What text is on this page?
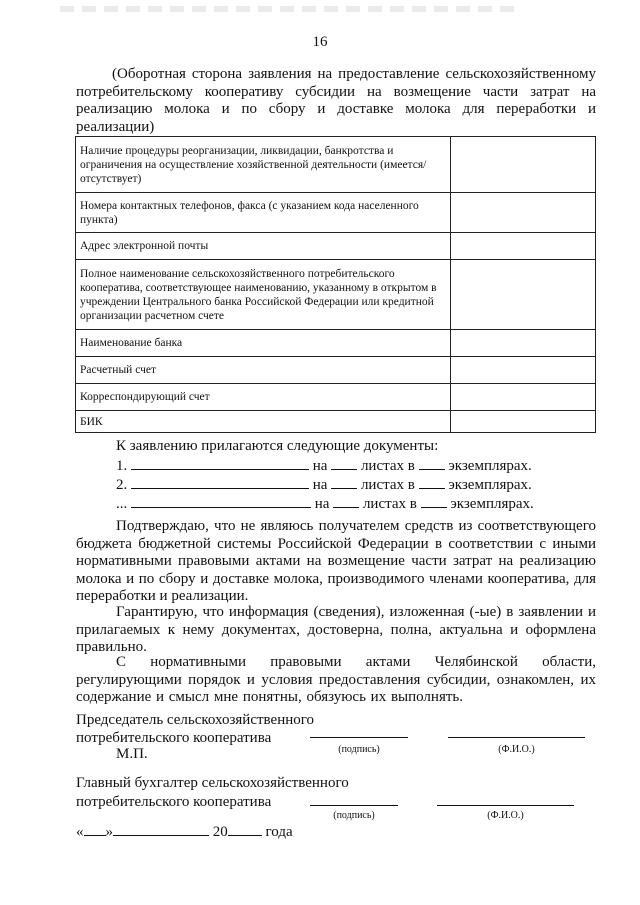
16
(Оборотная сторона заявления на предоставление сельскохозяйственному потребительскому кооперативу субсидии на возмещение части затрат на реализацию молока и по сбору и доставке молока для переработки и реализации)
Наличие процедуры реорганизации, ликвидации, банкротства и ограничения на осуществление хозяйственной деятельности (имеется/отсутствует)	
Номера контактных телефонов, факса (с указанием кода населенного пункта)	
Адрес электронной почты	
Полное наименование сельскохозяйственного потребительского кооператива, соответствующее наименованию, указанному в открытом в учреждении Центрального банка Российской Федерации или кредитной организации расчетном счете	
Наименование банка	
Расчетный счет	
Корреспондирующий счет	
БИК	
К заявлению прилагаются следующие документы:
1.	на листах в экземплярах.
2.	на листах в экземплярах.
...	на листах в экземплярах.
Подтверждаю, что не являюсь получателем средств из соответствующего бюджета бюджетной системы Российской Федерации в соответствии с иными нормативными правовыми актами на возмещение части затрат на реализацию молока и по сбору и доставке молока, производимого членами кооператива, для переработки и реализации.
Гарантирую, что информация (сведения), изложенная (-ые) в заявлении и прилагаемых к нему документах, достоверна, полна, актуальна и оформлена правильно.
С нормативными правовыми актами Челябинской области, регулирующими порядок и условия предоставления субсидии, ознакомлен, их содержание и смысл мне понятны, обязуюсь их выполнять.
Председатель сельскохозяйственного
потребительского кооператива
М.П.	(подпись)	(Ф.И.О.)
Главный бухгалтер сельскохозяйственного
потребительского кооператива
(подпись)	(Ф.И.О.)
« »	20	года
